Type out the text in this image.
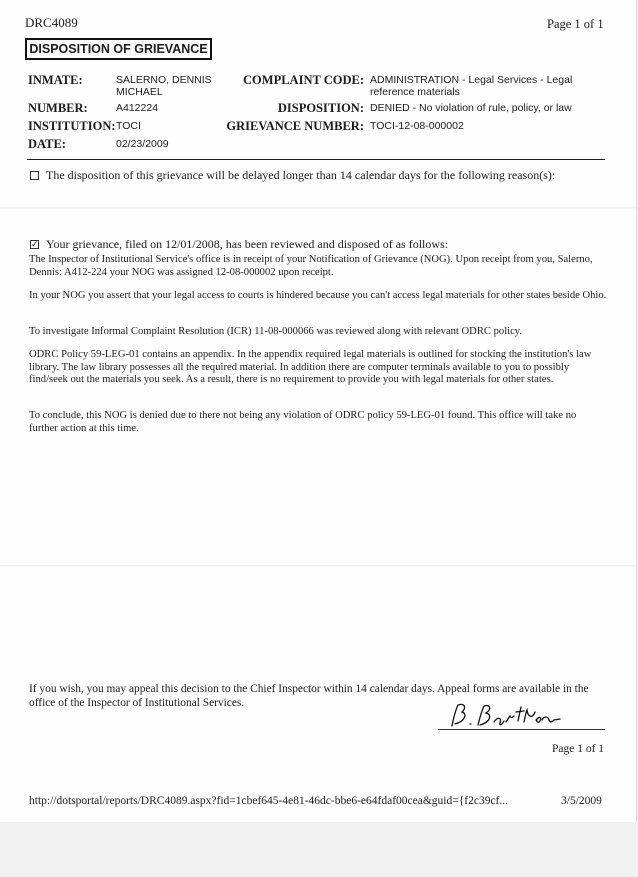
DRC4089	Page 1 of 1
DISPOSITION OF GRIEVANCE
INMATE:	SALERNO, DENNIS
MICHAEL
NUMBER:	A412224
INSTITUTION: TOCI
DATE:	02/23/2009
COMPLAINT CODE: ADMINISTRATION - Legal Services - Legal
reference materials
DISPOSITION: DENIED - No violation of rule, policy, or law
GRIEVANCE NUMBER: TOCI-12-08-000002
The disposition of this grievance will be delayed longer than 14 calendar days for the following reason(s):
✓ Your grievance, filed on 12/01/2008, has been reviewed and disposed of as follows:
The Inspector of Institutional Service's office is in receipt of your Notification of Grievance (NOG). Upon receipt from you, Salerno, Dennis: A412-224 your NOG was assigned 12-08-000002 upon receipt.
In your NOG you assert that your legal access to courts is hindered because you can't access legal materials for other states beside Ohio.
To investigate Informal Complaint Resolution (ICR) 11-08-000066 was reviewed along with relevant ODRC policy.
ODRC Policy 59-LEG-01 contains an appendix. In the appendix required legal materials is outlined for stocking the institution's law library. The law library possesses all the required material. In addition there are computer terminals available to you to possibly find/seek out the materials you seek. As a result, there is no requirement to provide you with legal materials for other states.
To conclude, this NOG is denied due to there not being any violation of ODRC policy 59-LEG-01 found. This office will take no further action at this time.
If you wish, you may appeal this decision to the Chief Inspector within 14 calendar days. Appeal forms are available in the office of the Inspector of Institutional Services.
Page 1 of 1
http://dotsportal/reports/DRC4089.aspx?fid=1cbef645-4e81-46dc-bbe6-e64fdaf00cea&guid={f2c39cf...	3/5/2009
